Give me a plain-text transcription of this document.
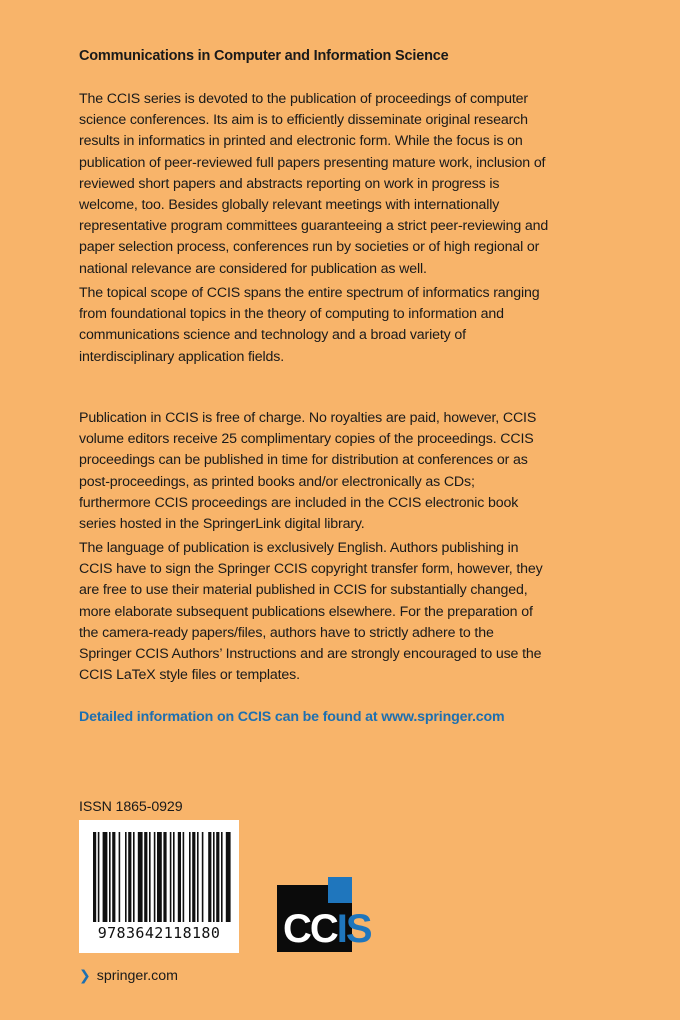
Communications in Computer and Information Science

The CCIS series is devoted to the publication of proceedings of computer science conferences. Its aim is to efficiently disseminate original research results in informatics in printed and electronic form. While the focus is on publication of peer-reviewed full papers presenting mature work, inclusion of reviewed short papers and abstracts reporting on work in progress is welcome, too. Besides globally relevant meetings with internationally representative program committees guaranteeing a strict peer-reviewing and paper selection process, conferences run by societies or of high regional or national relevance are considered for publication as well.

The topical scope of CCIS spans the entire spectrum of informatics ranging from foundational topics in the theory of computing to information and communications science and technology and a broad variety of interdisciplinary application fields.

Publication in CCIS is free of charge. No royalties are paid, however, CCIS volume editors receive 25 complimentary copies of the proceedings. CCIS proceedings can be published in time for distribution at conferences or as post-proceedings, as printed books and/or electronically as CDs; furthermore CCIS proceedings are included in the CCIS electronic book series hosted in the SpringerLink digital library.

The language of publication is exclusively English. Authors publishing in CCIS have to sign the Springer CCIS copyright transfer form, however, they are free to use their material published in CCIS for substantially changed, more elaborate subsequent publications elsewhere. For the preparation of the camera-ready papers/files, authors have to strictly adhere to the Springer CCIS Authors’ Instructions and are strongly encouraged to use the CCIS LaTeX style files or templates.

Detailed information on CCIS can be found at www.springer.com
ISSN 1865-0929
9783642118180	CCIS
❯ springer.com
